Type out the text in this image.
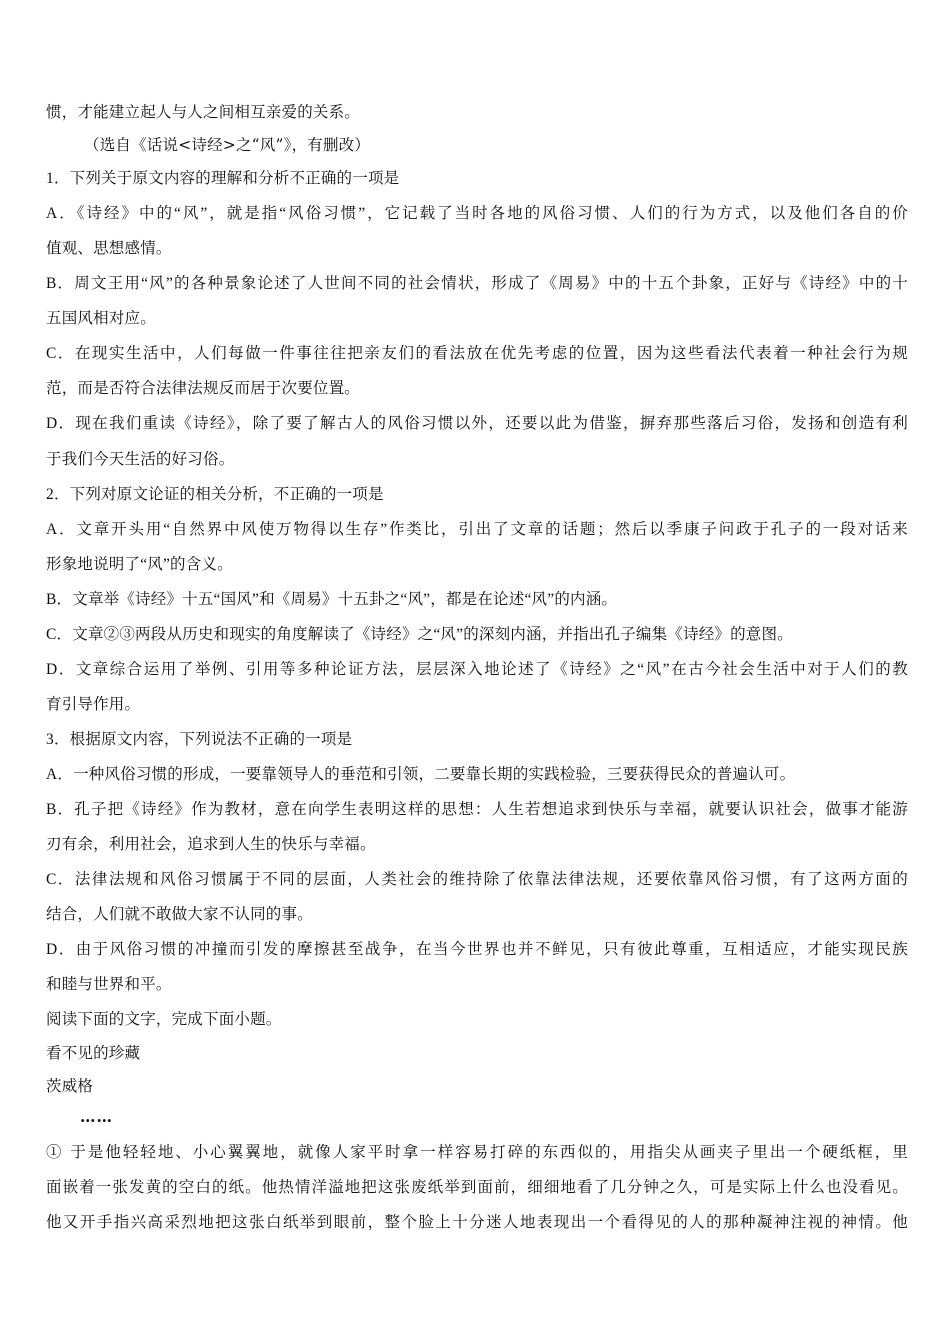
惯，才能建立起人与人之间相互亲爱的关系。
（选自《话说<诗经>之“风”》，有删改）
1．下列关于原文内容的理解和分析不正确的一项是
A．《诗经》中的“风”，就是指“风俗习惯”，它记载了当时各地的风俗习惯、人们的行为方式，以及他们各自的价
值观、思想感情。
B．周文王用“风”的各种景象论述了人世间不同的社会情状，形成了《周易》中的十五个卦象，正好与《诗经》中的十
五国风相对应。
C．在现实生活中，人们每做一件事往往把亲友们的看法放在优先考虑的位置，因为这些看法代表着一种社会行为规
范，而是否符合法律法规反而居于次要位置。
D．现在我们重读《诗经》，除了要了解古人的风俗习惯以外，还要以此为借鉴，摒弃那些落后习俗，发扬和创造有利
于我们今天生活的好习俗。
2．下列对原文论证的相关分析，不正确的一项是
A．文章开头用“自然界中风使万物得以生存”作类比，引出了文章的话题；然后以季康子问政于孔子的一段对话来
形象地说明了“风”的含义。
B．文章举《诗经》十五“国风”和《周易》十五卦之“风”，都是在论述“风”的内涵。
C．文章②③两段从历史和现实的角度解读了《诗经》之“风”的深刻内涵，并指出孔子编集《诗经》的意图。
D．文章综合运用了举例、引用等多种论证方法，层层深入地论述了《诗经》之“风”在古今社会生活中对于人们的教
育引导作用。
3．根据原文内容，下列说法不正确的一项是
A．一种风俗习惯的形成，一要靠领导人的垂范和引领，二要靠长期的实践检验，三要获得民众的普遍认可。
B．孔子把《诗经》作为教材，意在向学生表明这样的思想：人生若想追求到快乐与幸福，就要认识社会，做事才能游
刃有余，利用社会，追求到人生的快乐与幸福。
C．法律法规和风俗习惯属于不同的层面，人类社会的维持除了依靠法律法规，还要依靠风俗习惯，有了这两方面的
结合，人们就不敢做大家不认同的事。
D．由于风俗习惯的冲撞而引发的摩擦甚至战争，在当今世界也并不鲜见，只有彼此尊重，互相适应，才能实现民族
和睦与世界和平。
阅读下面的文字，完成下面小题。
看不见的珍藏
茨威格
……
① 于是他轻轻地、小心翼翼地，就像人家平时拿一样容易打碎的东西似的，用指尖从画夹子里出一个硬纸框，里
面嵌着一张发黄的空白的纸。他热情洋溢地把这张废纸举到面前，细细地看了几分钟之久，可是实际上什么也没看见。
他又开手指兴高采烈地把这张白纸举到眼前，整个脸上十分迷人地表现出一个看得见的人的那种凝神注视的神情。他
